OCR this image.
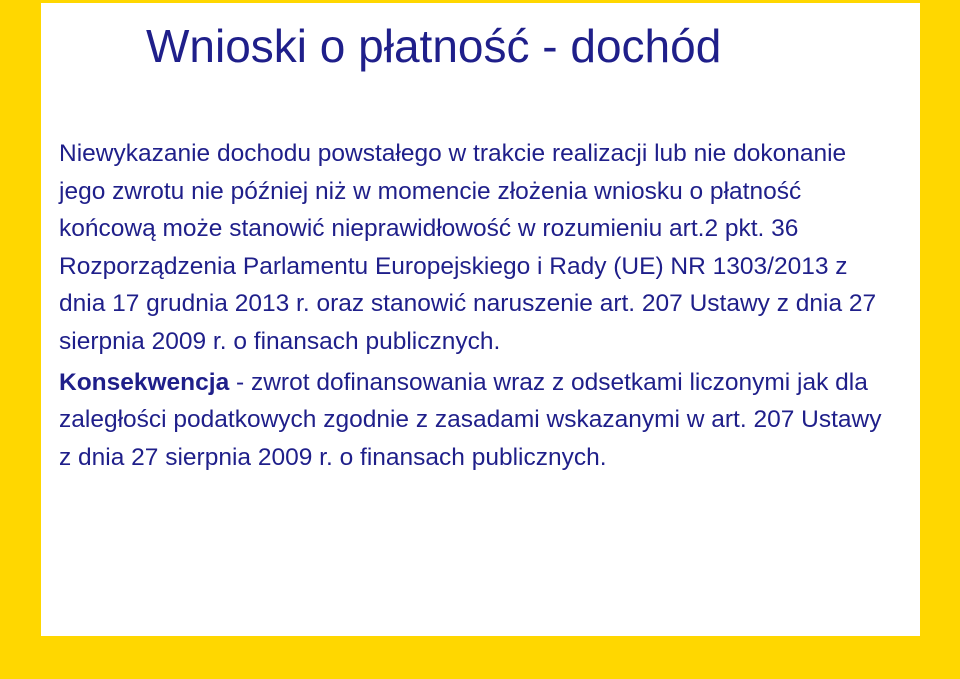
Wnioski o płatność - dochód

Niewykazanie dochodu powstałego w trakcie realizacji lub nie dokonanie jego zwrotu nie później niż w momencie złożenia wniosku o płatność końcową może stanowić nieprawidłowość w rozumieniu art.2 pkt. 36 Rozporządzenia Parlamentu Europejskiego i Rady (UE) NR 1303/2013 z dnia 17 grudnia 2013 r. oraz stanowić naruszenie art. 207 Ustawy z dnia 27 sierpnia 2009 r. o finansach publicznych.

Konsekwencja - zwrot dofinansowania wraz z odsetkami liczonymi jak dla zaległości podatkowych zgodnie z zasadami wskazanymi w art. 207 Ustawy z dnia 27 sierpnia 2009 r. o finansach publicznych.
